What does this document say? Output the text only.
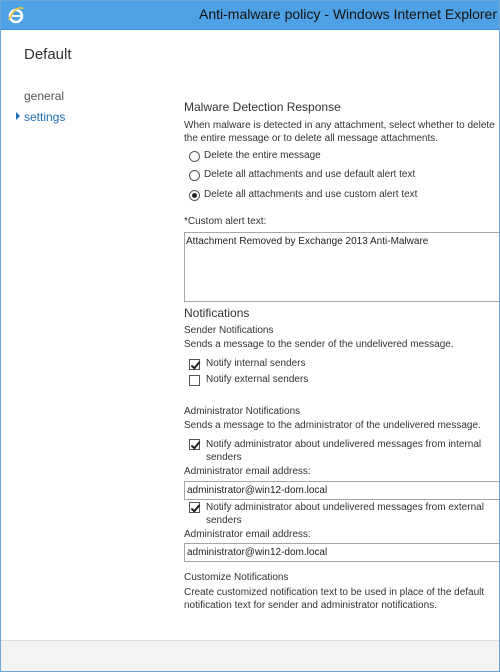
Anti-malware policy - Windows Internet Explorer
Default
general
settings
Malware Detection Response
When malware is detected in any attachment, select whether to delete the entire message or to delete all message attachments.
Delete the entire message
Delete all attachments and use default alert text
Delete all attachments and use custom alert text
*Custom alert text:
Attachment Removed by Exchange 2013 Anti-Malware
Notifications
Sender Notifications
Sends a message to the sender of the undelivered message.
Notify internal senders
Notify external senders
Administrator Notifications
Sends a message to the administrator of the undelivered message.
Notify administrator about undelivered messages from internal senders
Administrator email address:
administrator@win12-dom.local
Notify administrator about undelivered messages from external senders
Administrator email address:
administrator@win12-dom.local
Customize Notifications
Create customized notification text to be used in place of the default notification text for sender and administrator notifications.
